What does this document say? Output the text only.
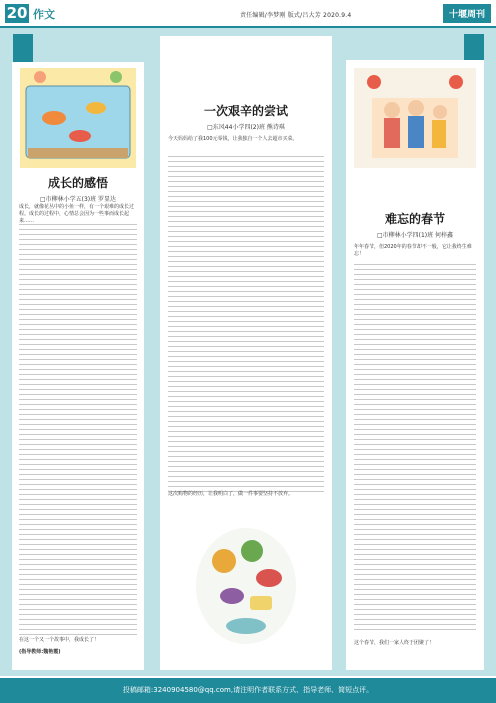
20 作文	责任编辑/李梦刚 版式/吕大芳 2020.9.4	十堰周刊
成长的感悟
□市柳林小学五(3)班 罗显达
成长，就像花丛中的小鱼一样，有一个艰难的成长过程。成长的过程中，心情总会因为一些事而成长起来……
在这一个又一个故事中，我成长了！
(指导教师:魏艳霞)
一次艰辛的尝试
□东风44小学四(2)班 熊诗琪
今天妈妈给了我100元零钱，让我独自一个人去超市买菜。
这次购物的经历，让我明白了，做一件事要坚持不放弃。
难忘的春节
□市柳林小学四(1)班 何梓鑫
年年春节，但2020年的春节却不一般，它让我终生难忘！
这个春节，我们一家人终于团聚了！
投稿邮箱:3240904580@qq.com,请注明作者联系方式、指导老师、简短点评。
